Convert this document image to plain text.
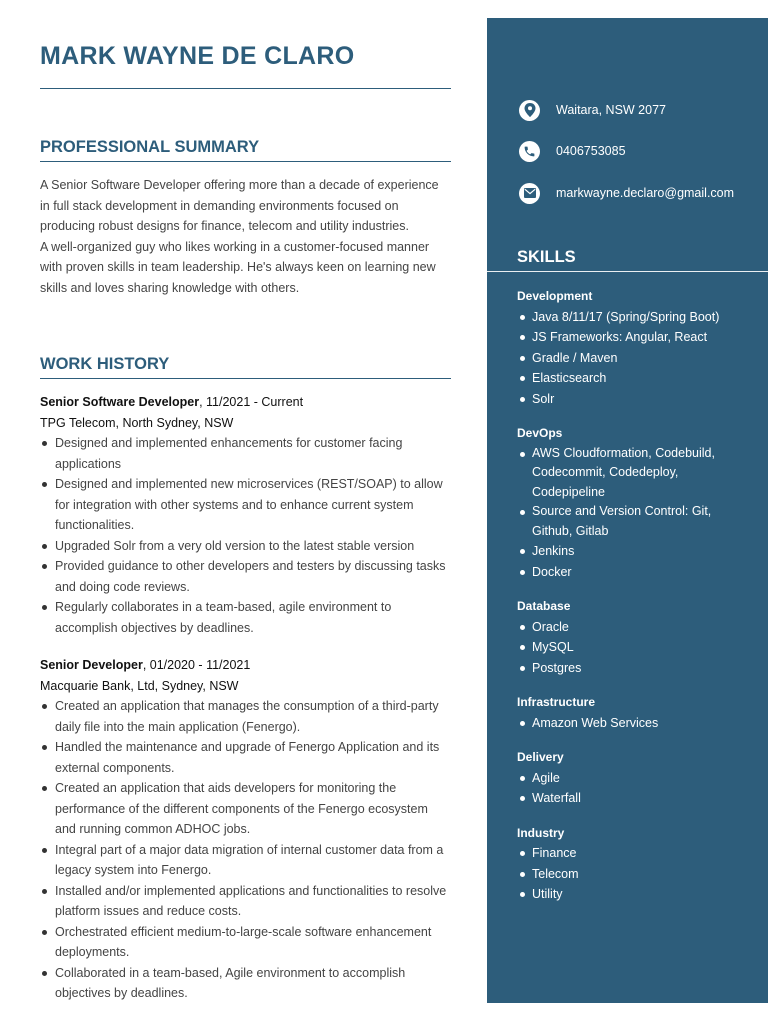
MARK WAYNE DE CLARO
PROFESSIONAL SUMMARY

A Senior Software Developer offering more than a decade of experience in full stack development in demanding environments focused on producing robust designs for finance, telecom and utility industries.

A well-organized guy who likes working in a customer-focused manner with proven skills in team leadership. He's always keen on learning new skills and loves sharing knowledge with others.

WORK HISTORY
Senior Software Developer, 11/2021 - Current
TPG Telecom, North Sydney, NSW
Designed and implemented enhancements for customer facing applications
Designed and implemented new microservices (REST/SOAP) to allow for integration with other systems and to enhance current system functionalities.
Upgraded Solr from a very old version to the latest stable version
Provided guidance to other developers and testers by discussing tasks and doing code reviews.
Regularly collaborates in a team-based, agile environment to accomplish objectives by deadlines.
Senior Developer, 01/2020 - 11/2021
Macquarie Bank, Ltd, Sydney, NSW
Created an application that manages the consumption of a third-party daily file into the main application (Fenergo).
Handled the maintenance and upgrade of Fenergo Application and its external components.
Created an application that aids developers for monitoring the performance of the different components of the Fenergo ecosystem and running common ADHOC jobs.
Integral part of a major data migration of internal customer data from a legacy system into Fenergo.
Installed and/or implemented applications and functionalities to resolve platform issues and reduce costs.
Orchestrated efficient medium-to-large-scale software enhancement deployments.
Collaborated in a team-based, Agile environment to accomplish objectives by deadlines.
Waitara, NSW 2077
0406753085
markwayne.declaro@gmail.com
SKILLS
Development
Java 8/11/17 (Spring/Spring Boot)
JS Frameworks: Angular, React
Gradle / Maven
Elasticsearch
Solr
DevOps
AWS Cloudformation, Codebuild, Codecommit, Codedeploy, Codepipeline
Source and Version Control: Git, Github, Gitlab
Jenkins
Docker
Database
Oracle
MySQL
Postgres
Infrastructure
Amazon Web Services
Delivery
Agile
Waterfall
Industry
Finance
Telecom
Utility
